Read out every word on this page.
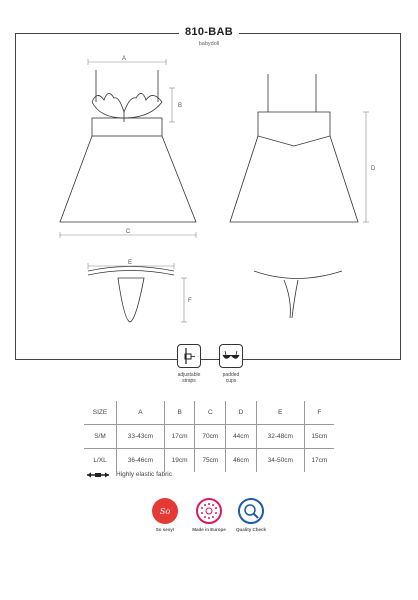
810-BAB
babydoll
A
B
C
D
E
F
adjustable
straps
padded
cups
SIZE	A	B	C	D	E	F
S/M	33-43cm	17cm	70cm	44cm	32-48cm	15cm
L/XL	36-46cm	19cm	75cm	46cm	34-50cm	17cm
Highly elastic fabric
So
So sexy!	Made in Europe	Quality Check
